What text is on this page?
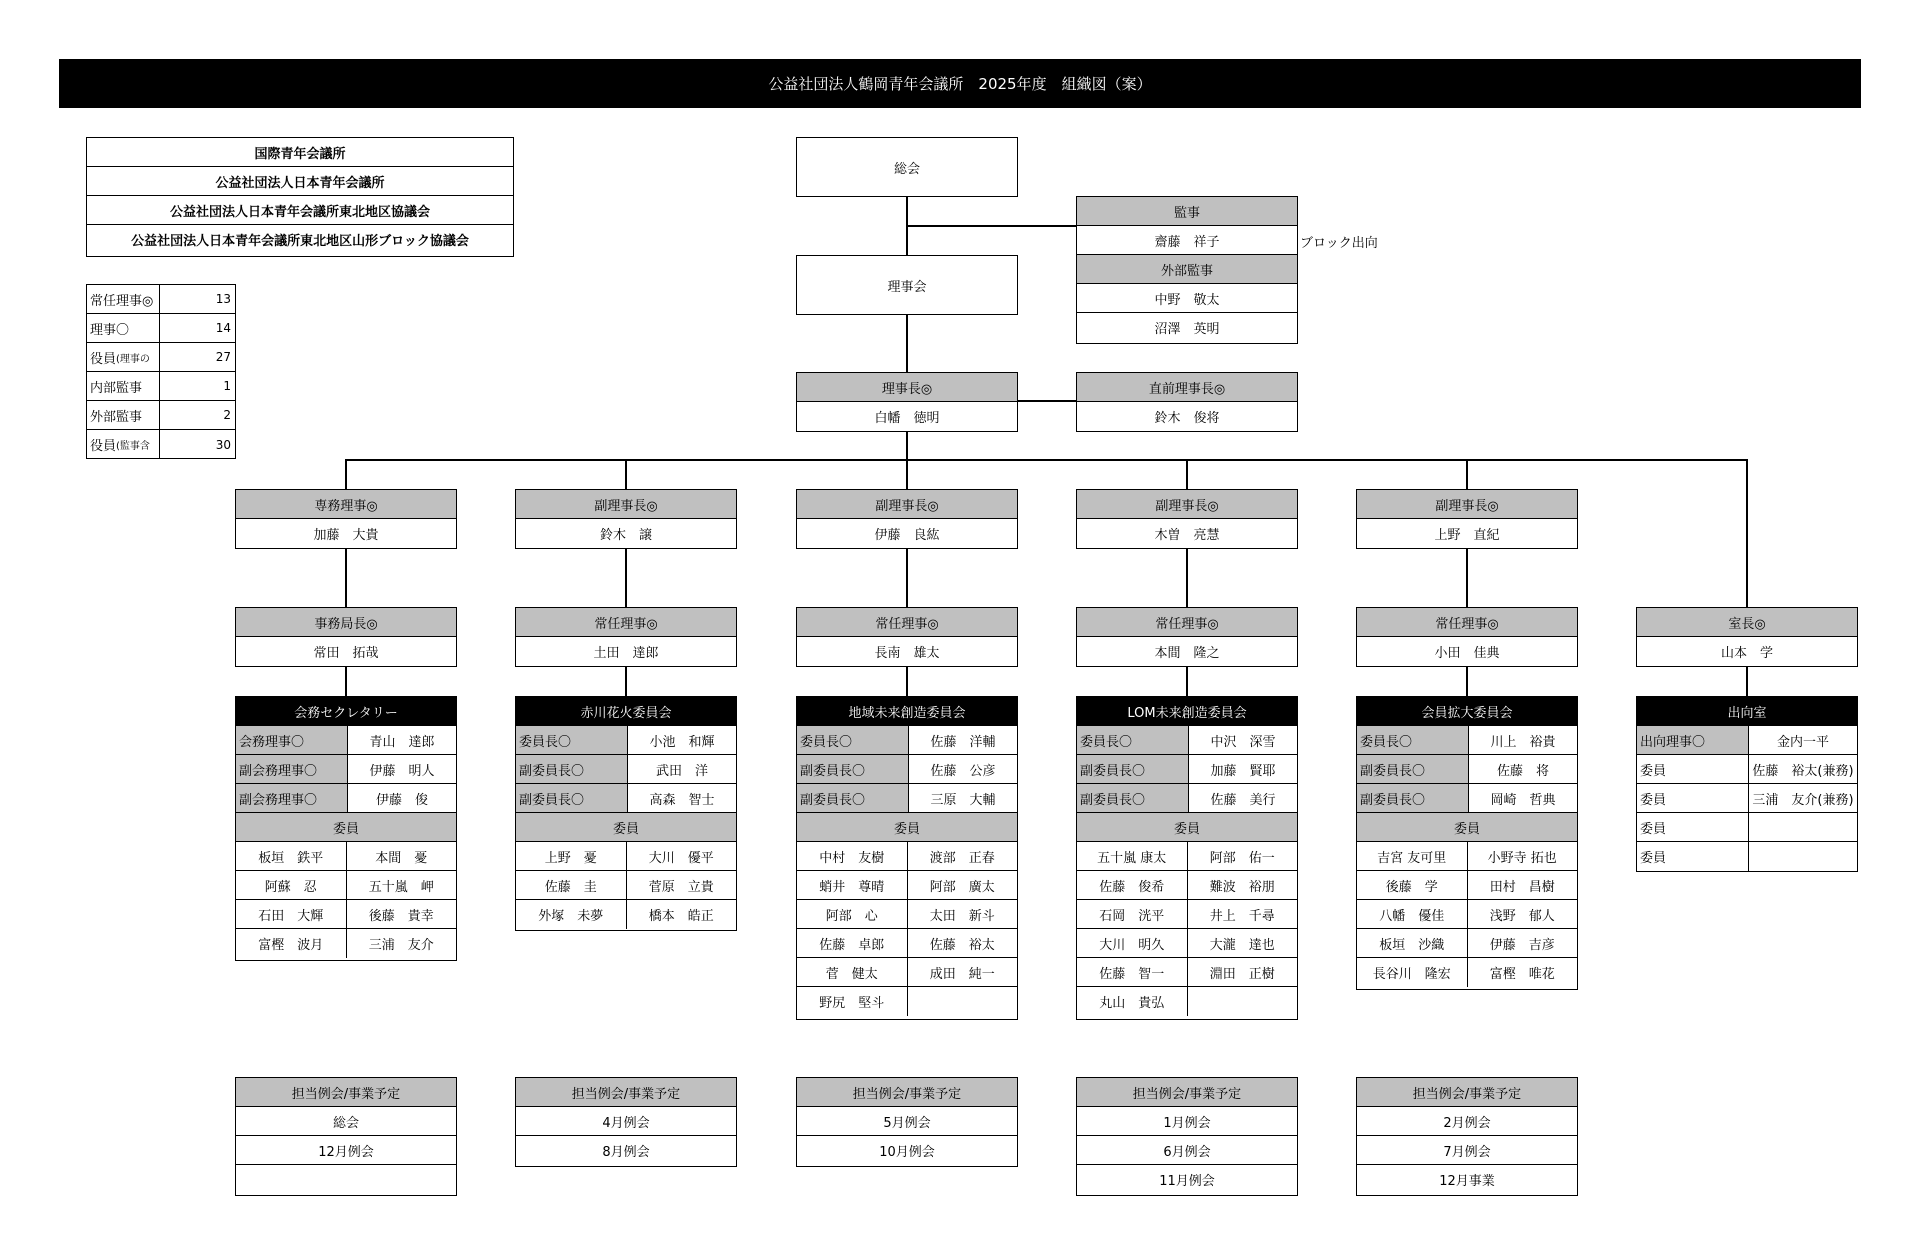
公益社団法人鶴岡青年会議所　2025年度　組織図（案）
国際青年会議所
公益社団法人日本青年会議所
公益社団法人日本青年会議所東北地区協議会
公益社団法人日本青年会議所東北地区山形ブロック協議会
常任理事◎	13
理事〇	14
役員 (理事の	27
内部監事	1
外部監事	2
役員 (監事含	30
総会
理事会
監事
齋藤　祥子
外部監事
中野　敬太
沼澤　英明
ブロック出向
理事長◎
白幡　徳明
直前理事長◎
鈴木　俊将
専務理事◎
加藤　大貴
事務局長◎
常田　拓哉
会務セクレタリー
会務理事〇	青山　達郎
副会務理事〇	伊藤　明人
副会務理事〇	伊藤　俊
委員
板垣　鉄平	本間　憂
阿蘇　忍	五十嵐　岬
石田　大輝	後藤　貴幸
富樫　波月	三浦　友介
担当例会/事業予定
総会
12月例会
副理事長◎
鈴木　譲
常任理事◎
土田　達郎
赤川花火委員会
委員長〇	小池　和輝
副委員長〇	武田　洋
副委員長〇	高森　智士
委員
上野　憂	大川　優平
佐藤　圭	菅原　立貴
外塚　未夢	橋本　皓正
担当例会/事業予定
4月例会
8月例会
副理事長◎
伊藤　良紘
常任理事◎
長南　雄太
地域未来創造委員会
委員長〇	佐藤　洋輔
副委員長〇	佐藤　公彦
副委員長〇	三原　大輔
委員
中村　友樹	渡部　正春
蛸井　尊晴	阿部　廣太
阿部　心	太田　新斗
佐藤　卓郎	佐藤　裕太
菅　健太	成田　純一
野尻　堅斗
担当例会/事業予定
5月例会
10月例会
副理事長◎
木曽　亮慧
常任理事◎
本間　隆之
LOM未来創造委員会
委員長〇	中沢　深雪
副委員長〇	加藤　賢耶
副委員長〇	佐藤　美行
委員
五十嵐 康太	阿部　佑一
佐藤　俊希	難波　裕朋
石岡　洸平	井上　千尋
大川　明久	大瀧　達也
佐藤　智一	淵田　正樹
丸山　貴弘
担当例会/事業予定
1月例会
6月例会
11月例会
副理事長◎
上野　直紀
常任理事◎
小田　佳典
会員拡大委員会
委員長〇	川上　裕貴
副委員長〇	佐藤　将
副委員長〇	岡崎　哲典
委員
吉宮 友可里	小野寺 拓也
後藤　学	田村　昌樹
八幡　優佳	浅野　郁人
板垣　沙織	伊藤　吉彦
長谷川　隆宏	富樫　唯花
担当例会/事業予定
2月例会
7月例会
12月事業
室長◎
山本　学
出向室
出向理事〇	金内一平
委員	佐藤　裕太(兼務)
委員	三浦　友介(兼務)
委員
委員
